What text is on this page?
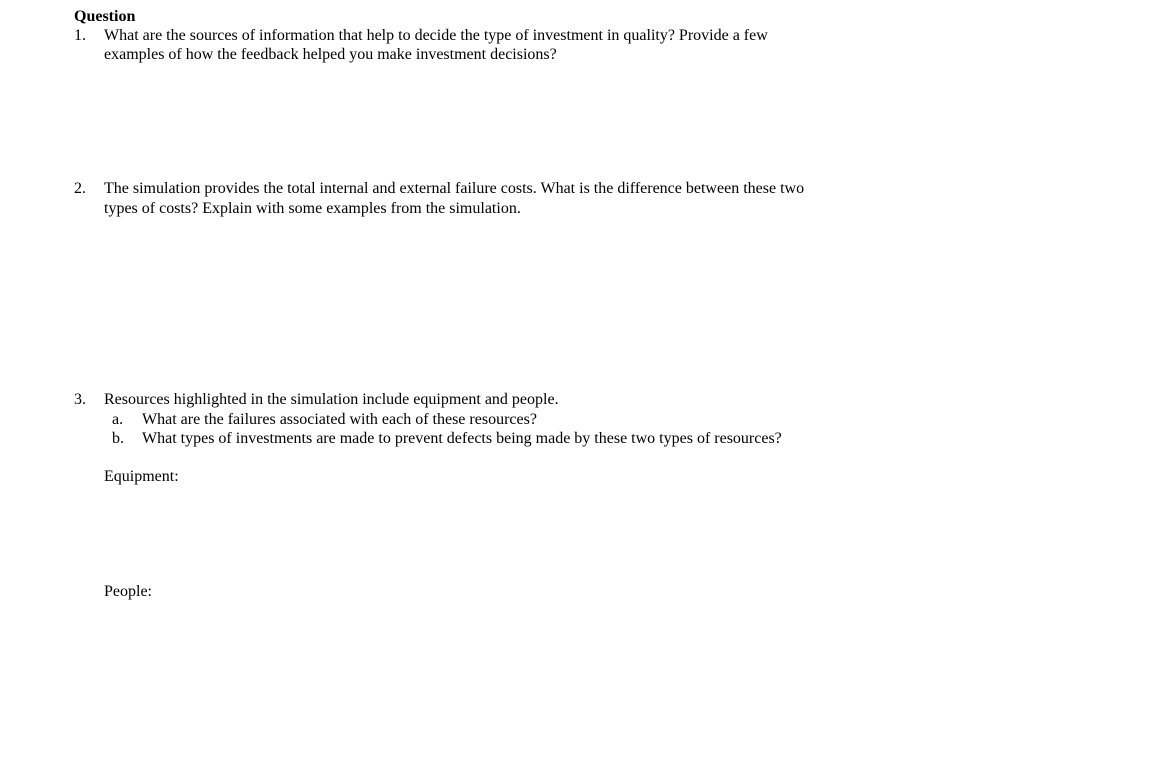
Question
1.	What are the sources of information that help to decide the type of investment in quality? Provide a few
examples of how the feedback helped you make investment decisions?
2.	The simulation provides the total internal and external failure costs. What is the difference between these two
types of costs? Explain with some examples from the simulation.
3.	Resources highlighted in the simulation include equipment and people.
a. What are the failures associated with each of these resources?
b. What types of investments are made to prevent defects being made by these two types of resources?
Equipment:
People:
